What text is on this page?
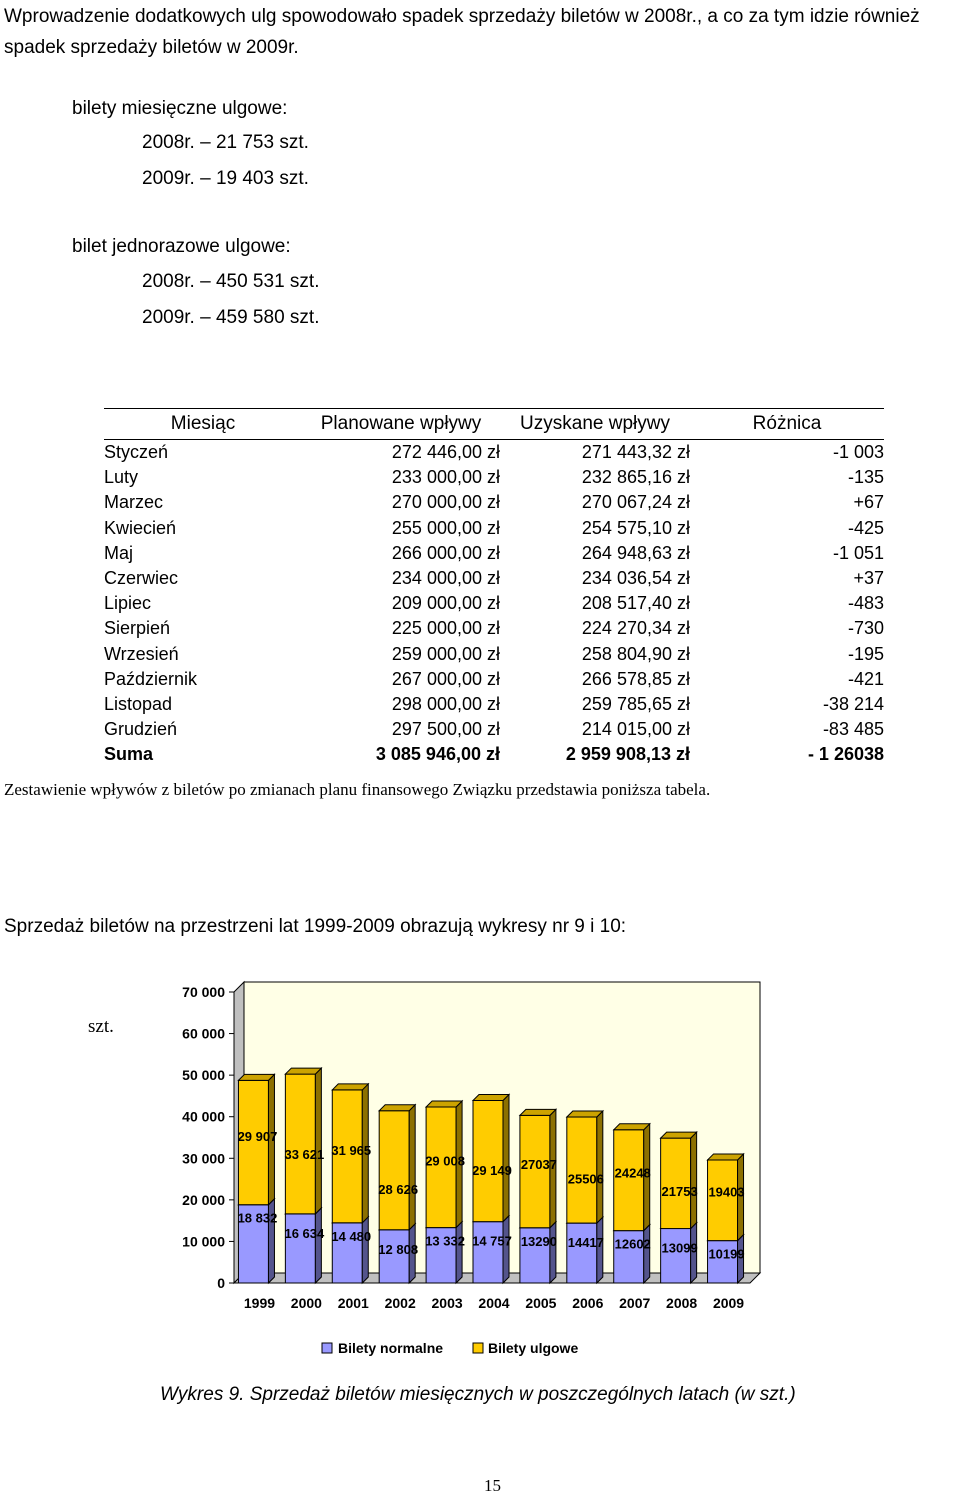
Wprowadzenie dodatkowych ulg spowodowało spadek sprzedaży biletów w 2008r., a co za tym idzie również spadek sprzedaży biletów w 2009r.
bilety miesięczne ulgowe:
2008r. – 21 753 szt.
2009r. – 19 403 szt.
bilet jednorazowe ulgowe:
2008r. – 450 531 szt.
2009r. – 459 580 szt.
Miesiąc	Planowane wpływy	Uzyskane wpływy	Różnica
Styczeń	272 446,00 zł	271 443,32 zł	-1 003
Luty	233 000,00 zł	232 865,16 zł	-135
Marzec	270 000,00 zł	270 067,24 zł	+67
Kwiecień	255 000,00 zł	254 575,10 zł	-425
Maj	266 000,00 zł	264 948,63 zł	-1 051
Czerwiec	234 000,00 zł	234 036,54 zł	+37
Lipiec	209 000,00 zł	208 517,40 zł	-483
Sierpień	225 000,00 zł	224 270,34 zł	-730
Wrzesień	259 000,00 zł	258 804,90 zł	-195
Październik	267 000,00 zł	266 578,85 zł	-421
Listopad	298 000,00 zł	259 785,65 zł	-38 214
Grudzień	297 500,00 zł	214 015,00 zł	-83 485
Suma	3 085 946,00 zł	2 959 908,13 zł	- 1 26038
Zestawienie wpływów z biletów po zmianach planu finansowego Związku przedstawia poniższa tabela.
Sprzedaż biletów na przestrzeni lat 1999-2009 obrazują wykresy nr 9 i 10:
0
10 000
20 000
30 000
40 000
50 000
60 000
70 000
szt.
18 832
29 907
1999
16 634
33 621
2000
14 480
31 965
2001
12 808
28 626
2002
13 332
29 008
2003
14 757
29 149
2004
13290
27037
2005
14417
25506
2006
12602
24248
2007
13099
21753
2008
10199
19403
2009
Bilety normalne	Bilety ulgowe
Wykres 9. Sprzedaż biletów miesięcznych w poszczególnych latach (w szt.)
15
